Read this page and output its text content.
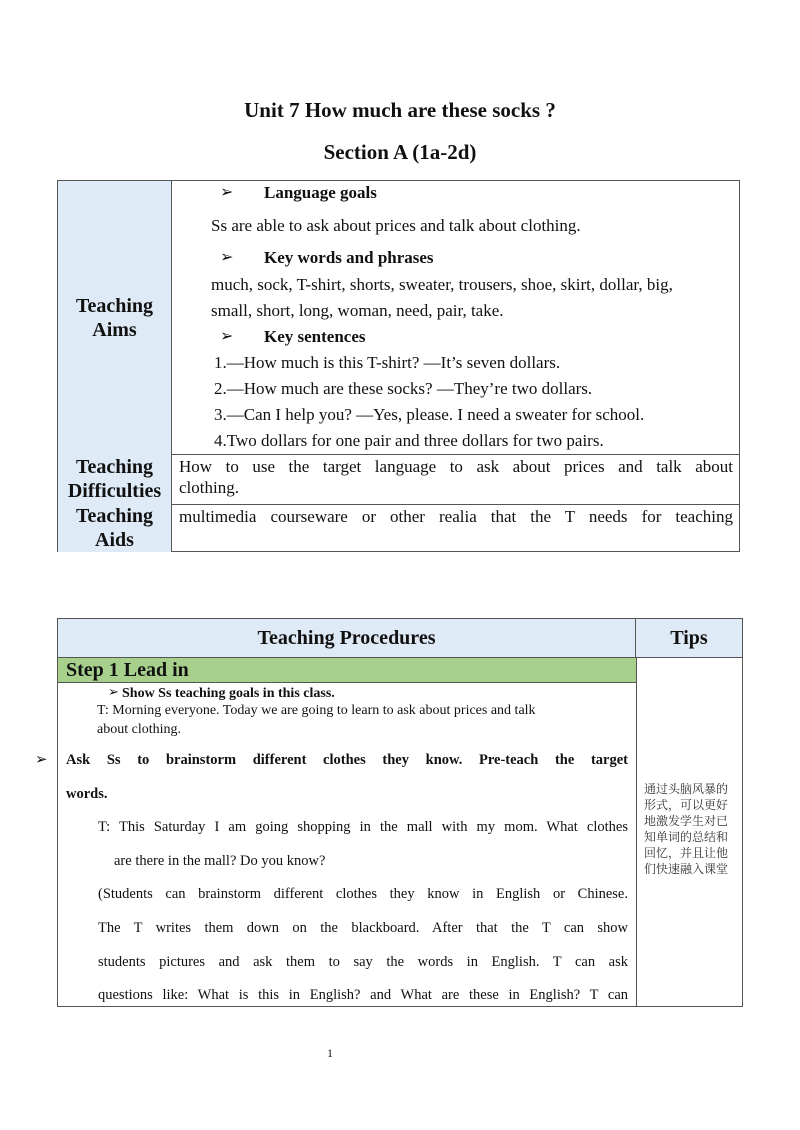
Unit 7 How much are these socks ?
Section A (1a-2d)
Teaching
Aims
Teaching
Difficulties
Teaching
Aids
➢ Language goals
Ss are able to ask about prices and talk about clothing.
➢ Key words and phrases
much, sock, T-shirt, shorts, sweater, trousers, shoe, skirt, dollar, big,
small, short, long, woman, need, pair, take.
➢ Key sentences
1.—How much is this T-shirt? —It’s seven dollars.
2.—How much are these socks? —They’re two dollars.
3.—Can I help you? —Yes, please. I need a sweater for school.
4.Two dollars for one pair and three dollars for two pairs.
How to use the target language to ask about prices and talk about
clothing.
multimedia courseware or other realia that the T needs for teaching
Teaching Procedures	Tips
Step 1 Lead in
➢ Show Ss teaching goals in this class.
T: Morning everyone. Today we are going to learn to ask about prices and talk
about clothing.
➢ Ask Ss to brainstorm different clothes they know. Pre-teach the target
words.
T: This Saturday I am going shopping in the mall with my mom. What clothes
are there in the mall? Do you know?
(Students can brainstorm different clothes they know in English or Chinese.
The T writes them down on the blackboard. After that the T can show
students pictures and ask them to say the words in English. T can ask
questions like: What is this in English? and What are these in English? T can
通过头脑风暴的形式，可以更好地激发学生对已知单词的总结和回忆，并且让他们快速融入课堂
1
